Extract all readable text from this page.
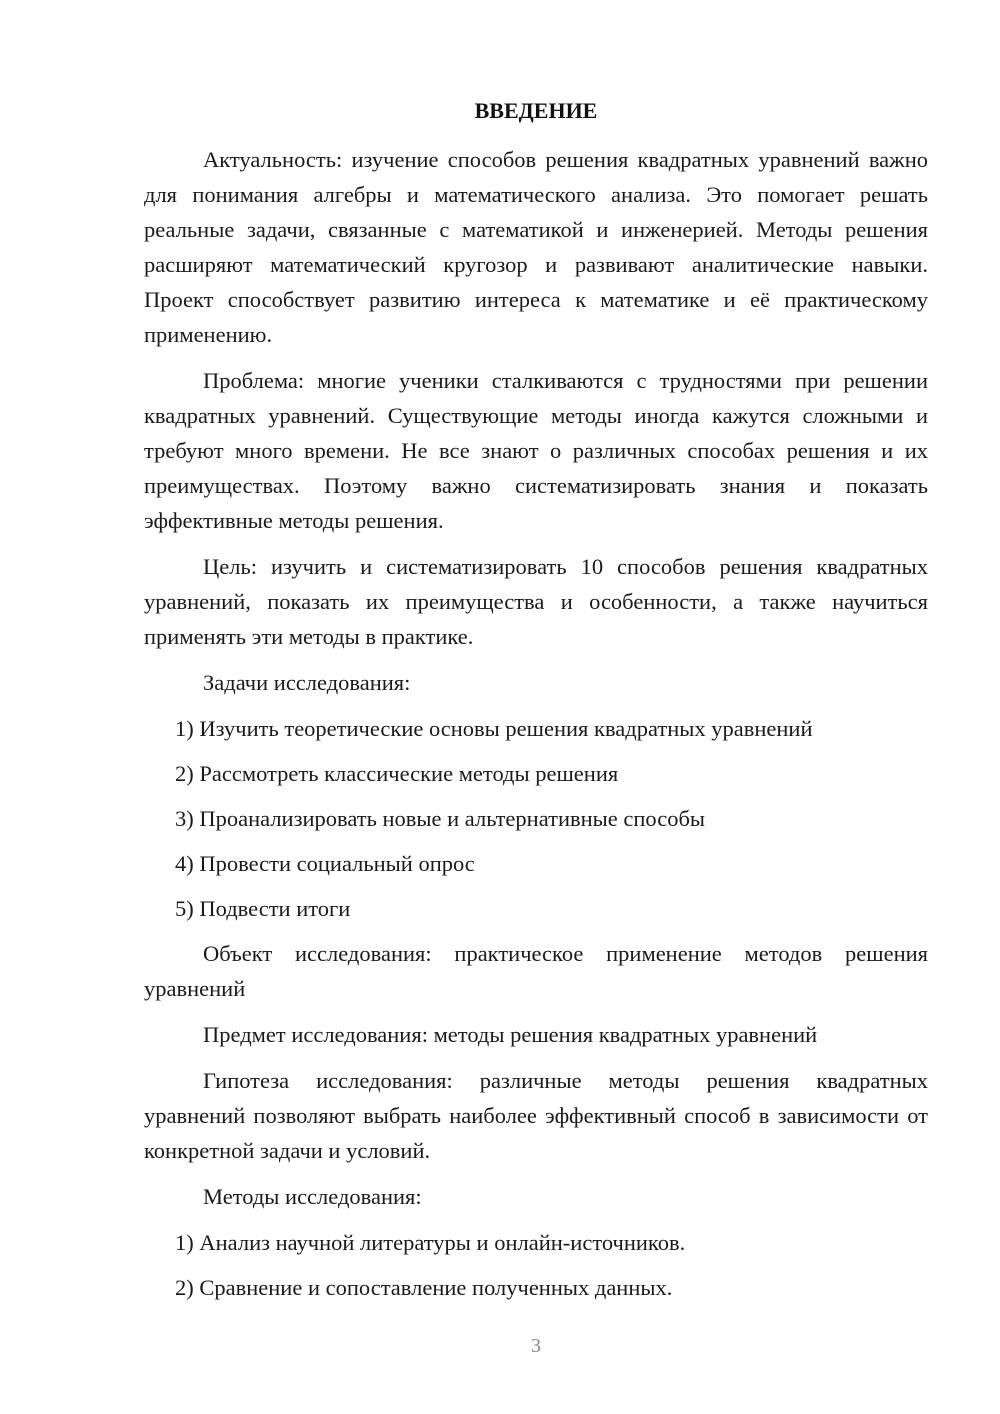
ВВЕДЕНИЕ

Актуальность: изучение способов решения квадратных уравнений важно для понимания алгебры и математического анализа. Это помогает решать реальные задачи, связанные с математикой и инженерией. Методы решения расширяют математический кругозор и развивают аналитические навыки. Проект способствует развитию интереса к математике и её практическому применению.

Проблема: многие ученики сталкиваются с трудностями при решении квадратных уравнений. Существующие методы иногда кажутся сложными и требуют много времени. Не все знают о различных способах решения и их преимуществах. Поэтому важно систематизировать знания и показать эффективные методы решения.

Цель: изучить и систематизировать 10 способов решения квадратных уравнений, показать их преимущества и особенности, а также научиться применять эти методы в практике.

Задачи исследования:

1) Изучить теоретические основы решения квадратных уравнений

2) Рассмотреть классические методы решения

3) Проанализировать новые и альтернативные способы

4) Провести социальный опрос

5) Подвести итоги

Объект исследования: практическое применение методов решения уравнений

Предмет исследования: методы решения квадратных уравнений

Гипотеза исследования: различные методы решения квадратных уравнений позволяют выбрать наиболее эффективный способ в зависимости от конкретной задачи и условий.

Методы исследования:

1) Анализ научной литературы и онлайн-источников.

2) Сравнение и сопоставление полученных данных.

3
